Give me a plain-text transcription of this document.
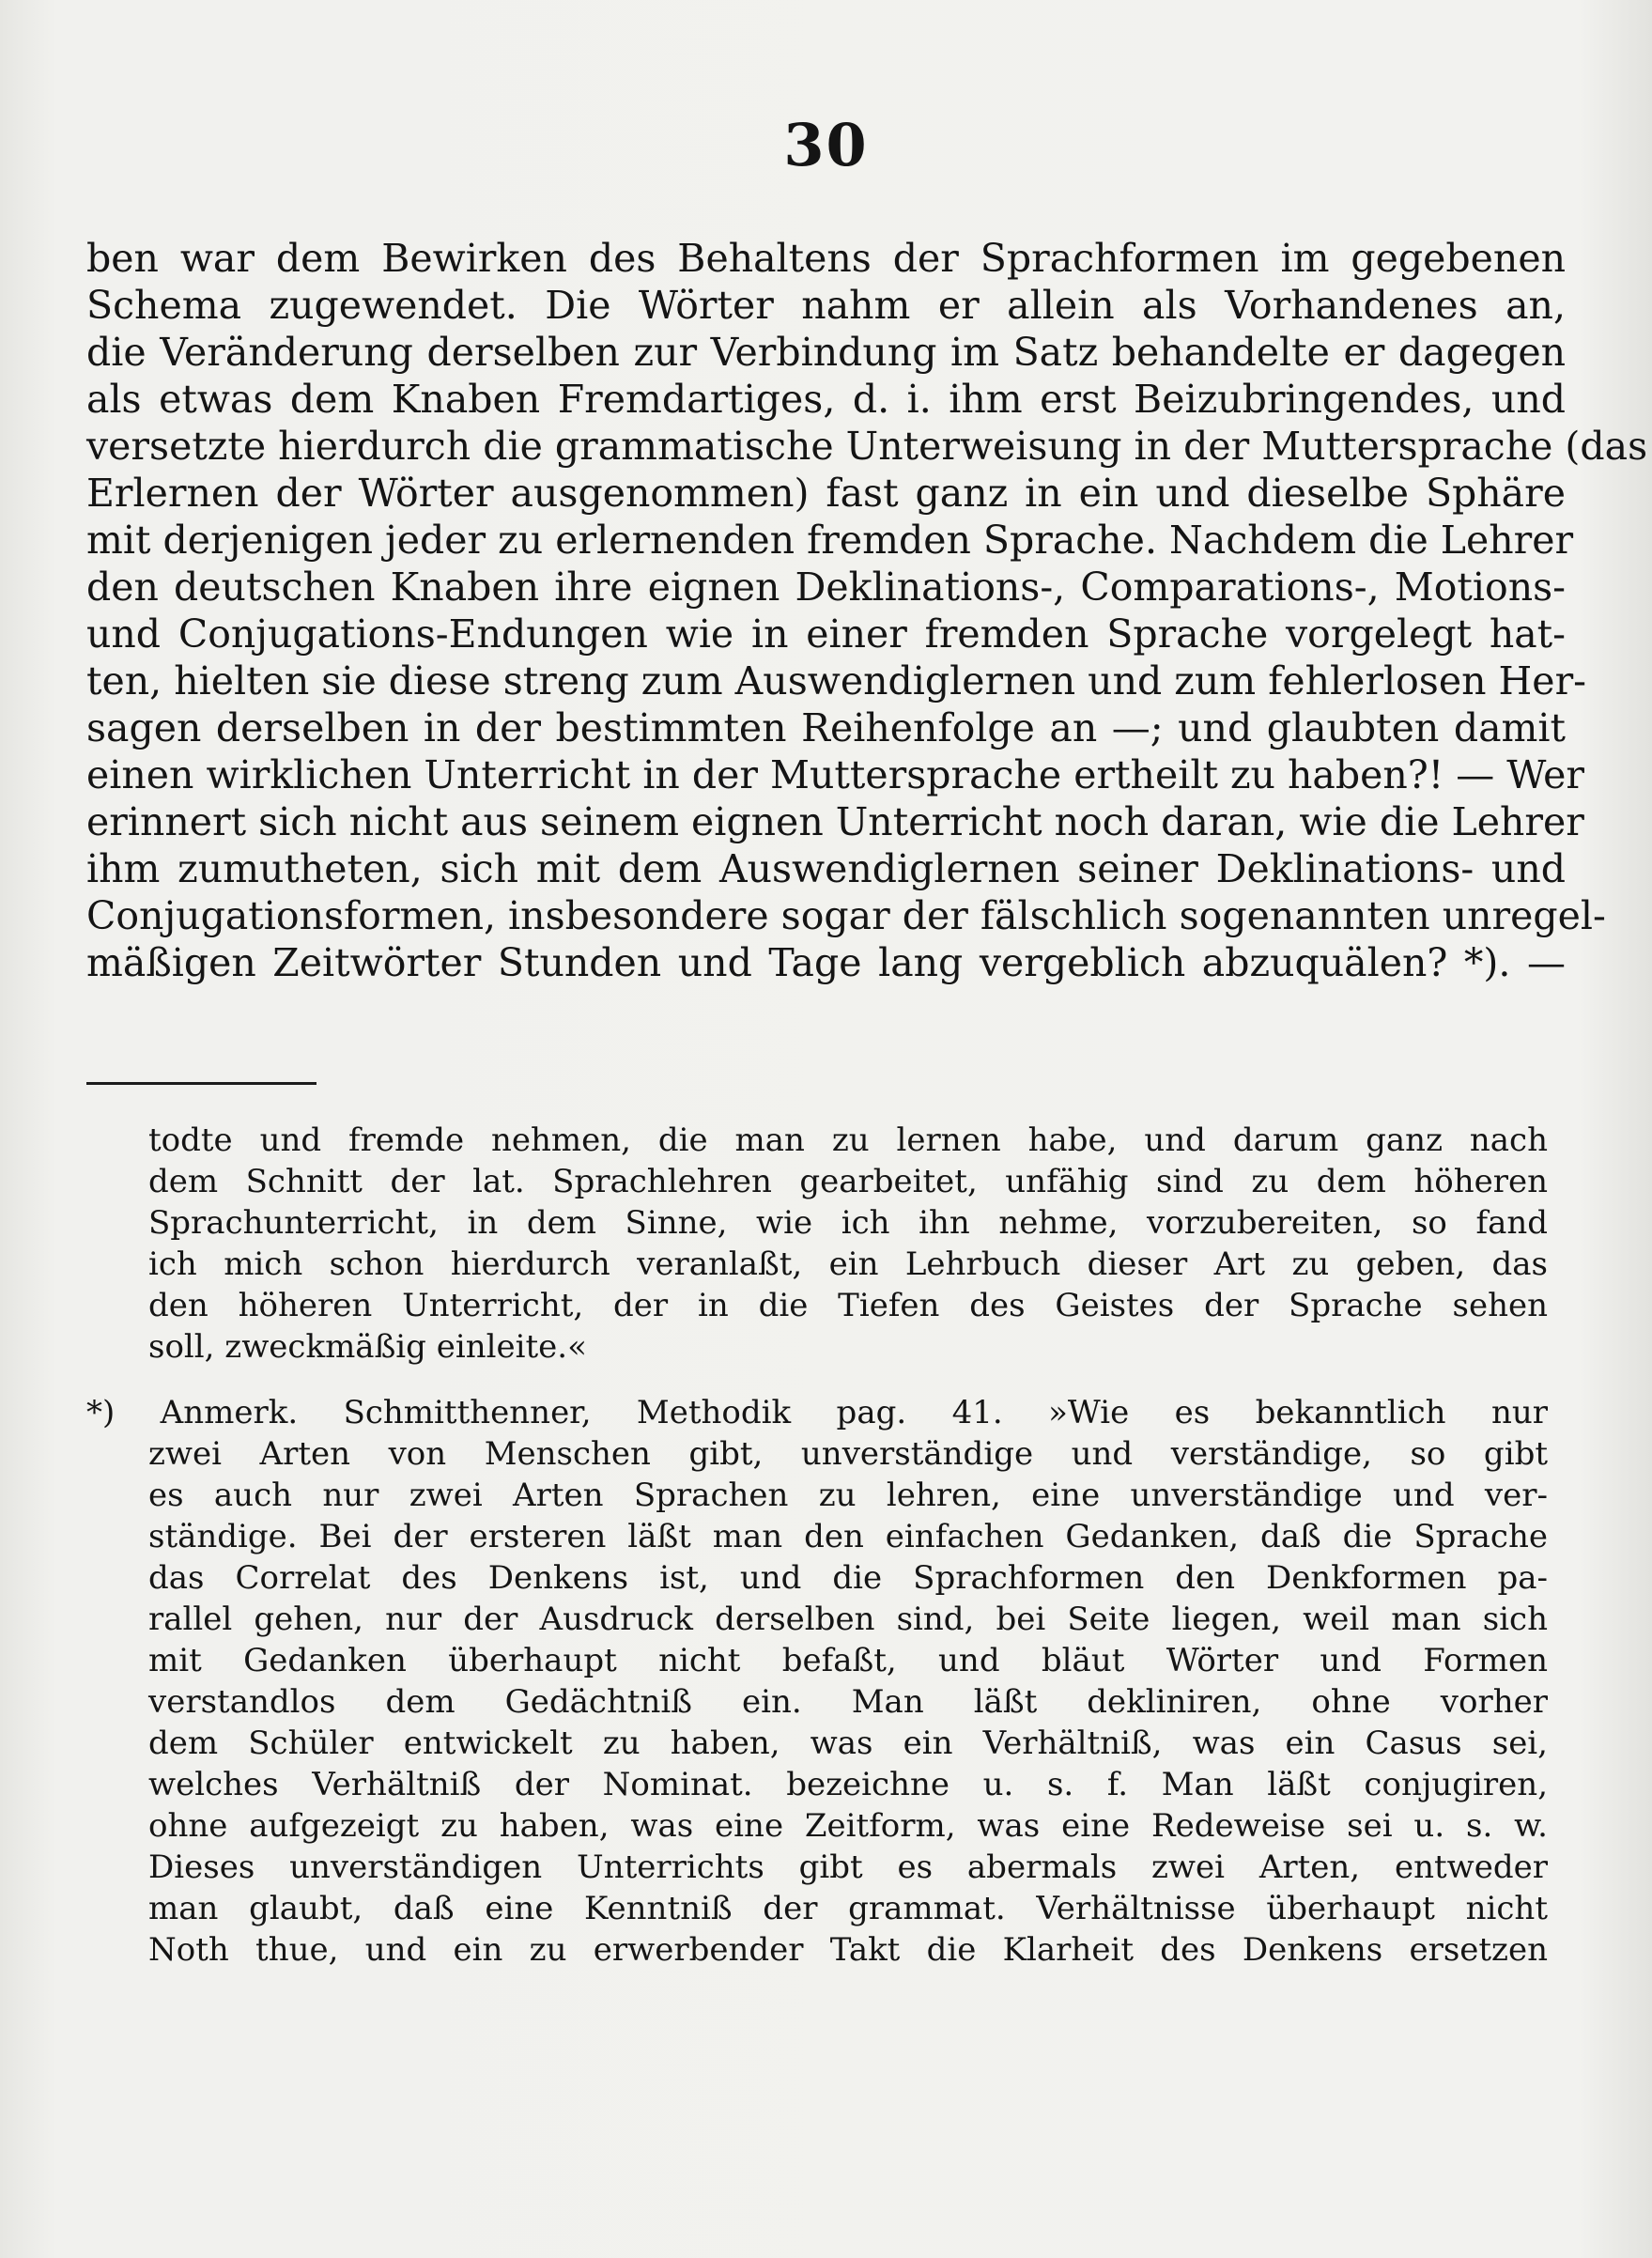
30
ben war dem Bewirken des Behaltens der Sprachformen im gegebenen
Schema zugewendet. Die Wörter nahm er allein als Vorhandenes an,
die Veränderung derselben zur Verbindung im Satz behandelte er dagegen
als etwas dem Knaben Fremdartiges, d. i. ihm erst Beizubringendes, und
versetzte hierdurch die grammatische Unterweisung in der Muttersprache (das
Erlernen der Wörter ausgenommen) fast ganz in ein und dieselbe Sphäre
mit derjenigen jeder zu erlernenden fremden Sprache. Nachdem die Lehrer
den deutschen Knaben ihre eignen Deklinations-, Comparations-, Motions-
und Conjugations-Endungen wie in einer fremden Sprache vorgelegt hat-
ten, hielten sie diese streng zum Auswendiglernen und zum fehlerlosen Her-
sagen derselben in der bestimmten Reihenfolge an —; und glaubten damit
einen wirklichen Unterricht in der Muttersprache ertheilt zu haben?! — Wer
erinnert sich nicht aus seinem eignen Unterricht noch daran, wie die Lehrer
ihm zumutheten, sich mit dem Auswendiglernen seiner Deklinations- und
Conjugationsformen, insbesondere sogar der fälschlich sogenannten unregel-
mäßigen Zeitwörter Stunden und Tage lang vergeblich abzuquälen? *). —
todte und fremde nehmen, die man zu lernen habe, und darum ganz nach
dem Schnitt der lat. Sprachlehren gearbeitet, unfähig sind zu dem höheren
Sprachunterricht, in dem Sinne, wie ich ihn nehme, vorzubereiten, so fand
ich mich schon hierdurch veranlaßt, ein Lehrbuch dieser Art zu geben, das
den höheren Unterricht, der in die Tiefen des Geistes der Sprache sehen
soll, zweckmäßig einleite.«
*) Anmerk. Schmitthenner, Methodik pag. 41. »Wie es bekanntlich nur
zwei Arten von Menschen gibt, unverständige und verständige, so gibt
es auch nur zwei Arten Sprachen zu lehren, eine unverständige und ver-
ständige. Bei der ersteren läßt man den einfachen Gedanken, daß die Sprache
das Correlat des Denkens ist, und die Sprachformen den Denkformen pa-
rallel gehen, nur der Ausdruck derselben sind, bei Seite liegen, weil man sich
mit Gedanken überhaupt nicht befaßt, und bläut Wörter und Formen
verstandlos dem Gedächtniß ein. Man läßt dekliniren, ohne vorher
dem Schüler entwickelt zu haben, was ein Verhältniß, was ein Casus sei,
welches Verhältniß der Nominat. bezeichne u. s. f. Man läßt conjugiren,
ohne aufgezeigt zu haben, was eine Zeitform, was eine Redeweise sei u. s. w.
Dieses unverständigen Unterrichts gibt es abermals zwei Arten, entweder
man glaubt, daß eine Kenntniß der grammat. Verhältnisse überhaupt nicht
Noth thue, und ein zu erwerbender Takt die Klarheit des Denkens ersetzen
